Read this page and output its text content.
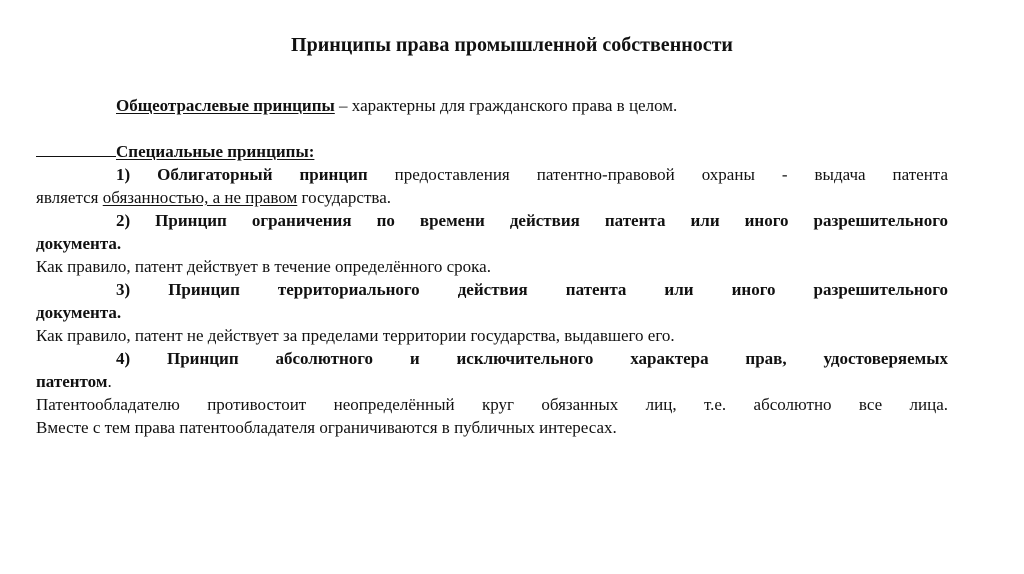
Принципы права промышленной собственности
Общеотраслевые принципы – характерны для гражданского права в целом.
Специальные принципы:
1) Облигаторный принцип предоставления патентно-правовой охраны - выдача патента
является обязанностью, а не правом государства.
2) Принцип ограничения по времени действия патента или иного разрешительного
документа.
Как правило, патент действует в течение определённого срока.
3) Принцип территориального действия патента или иного разрешительного
документа.
Как правило, патент не действует за пределами территории государства, выдавшего его.
4) Принцип абсолютного и исключительного характера прав, удостоверяемых
патентом.
Патентообладателю противостоит неопределённый круг обязанных лиц, т.е. абсолютно все лица.
Вместе с тем права патентообладателя ограничиваются в публичных интересах.
